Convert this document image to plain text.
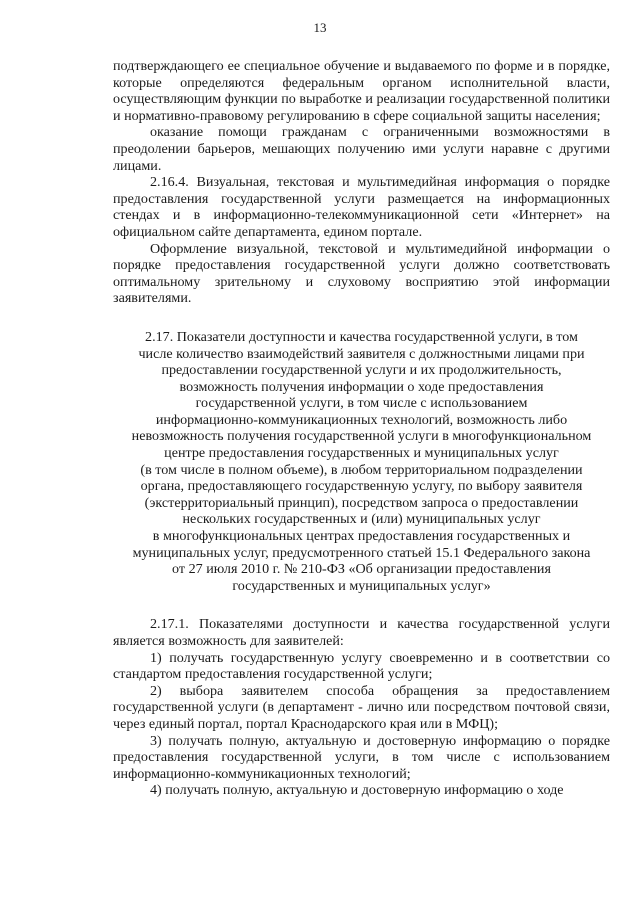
13

подтверждающего ее специальное обучение и выдаваемого по форме и в порядке, которые определяются федеральным органом исполнительной власти, осуществляющим функции по выработке и реализации государственной политики и нормативно-правовому регулированию в сфере социальной защиты населения;

оказание помощи гражданам с ограниченными возможностями в преодолении барьеров, мешающих получению ими услуги наравне с другими лицами.

2.16.4. Визуальная, текстовая и мультимедийная информация о порядке предоставления государственной услуги размещается на информационных стендах и в информационно-телекоммуникационной сети «Интернет» на официальном сайте департамента, едином портале.

Оформление визуальной, текстовой и мультимедийной информации о порядке предоставления государственной услуги должно соответствовать оптимальному зрительному и слуховому восприятию этой информации заявителями.

2.17. Показатели доступности и качества государственной услуги, в том

числе количество взаимодействий заявителя с должностными лицами при

предоставлении государственной услуги и их продолжительность,

возможность получения информации о ходе предоставления

государственной услуги, в том числе с использованием

информационно-коммуникационных технологий, возможность либо

невозможность получения государственной услуги в многофункциональном

центре предоставления государственных и муниципальных услуг

(в том числе в полном объеме), в любом территориальном подразделении

органа, предоставляющего государственную услугу, по выбору заявителя

(экстерриториальный принцип), посредством запроса о предоставлении

нескольких государственных и (или) муниципальных услуг

в многофункциональных центрах предоставления государственных и

муниципальных услуг, предусмотренного статьей 15.1 Федерального закона

от 27 июля 2010 г. № 210-ФЗ «Об организации предоставления

государственных и муниципальных услуг»

2.17.1. Показателями доступности и качества государственной услуги является возможность для заявителей:

1) получать государственную услугу своевременно и в соответствии со стандартом предоставления государственной услуги;

2) выбора заявителем способа обращения за предоставлением государственной услуги (в департамент - лично или посредством почтовой связи, через единый портал, портал Краснодарского края или в МФЦ);

3) получать полную, актуальную и достоверную информацию о порядке предоставления государственной услуги, в том числе с использованием информационно-коммуникационных технологий;

4) получать полную, актуальную и достоверную информацию о ходе
